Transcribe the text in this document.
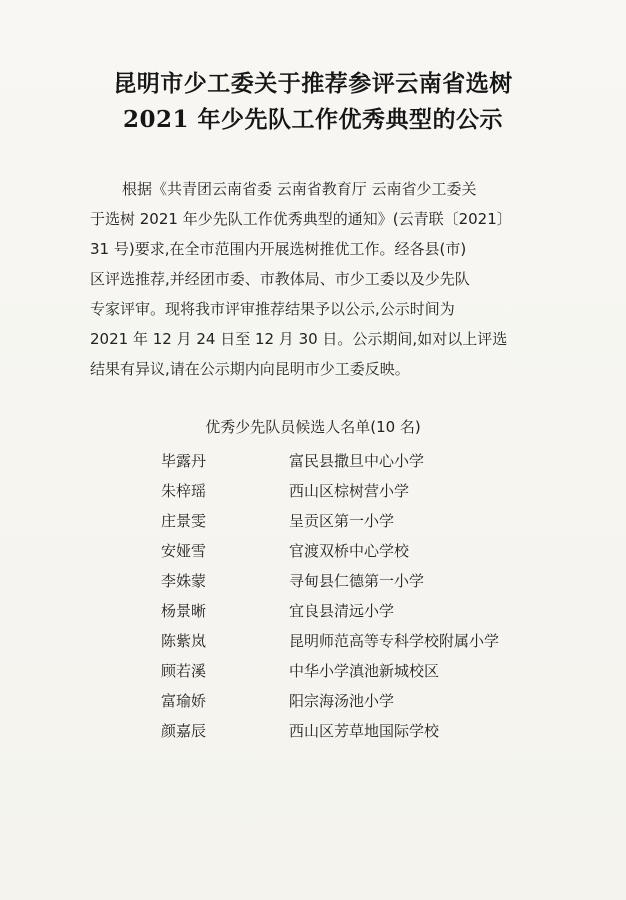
昆明市少工委关于推荐参评云南省选树
2021 年少先队工作优秀典型的公示
根据《共青团云南省委 云南省教育厅 云南省少工委关
于选树 2021 年少先队工作优秀典型的通知》(云青联〔2021〕
31 号)要求,在全市范围内开展选树推优工作。经各县(市)
区评选推荐,并经团市委、市教体局、市少工委以及少先队
专家评审。现将我市评审推荐结果予以公示,公示时间为
2021 年 12 月 24 日至 12 月 30 日。公示期间,如对以上评选
结果有异议,请在公示期内向昆明市少工委反映。
优秀少先队员候选人名单(10 名)
毕露丹	富民县撒旦中心小学
朱梓瑶	西山区棕树营小学
庄景雯	呈贡区第一小学
安娅雪	官渡双桥中心学校
李姝蒙	寻甸县仁德第一小学
杨景晰	宜良县清远小学
陈紫岚	昆明师范高等专科学校附属小学
顾若溪	中华小学滇池新城校区
富瑜娇	阳宗海汤池小学
颜嘉辰	西山区芳草地国际学校
